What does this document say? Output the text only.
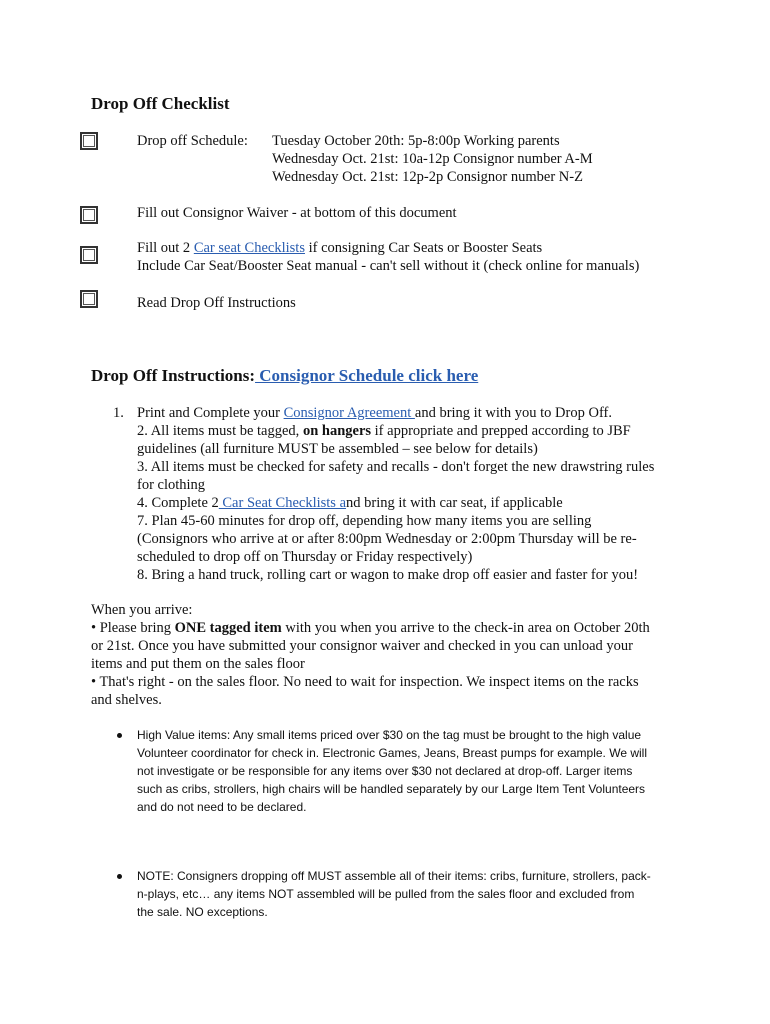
Drop Off Checklist
Drop off Schedule: Tuesday October 20th: 5p-8:00p Working parents
Wednesday Oct. 21st: 10a-12p Consignor number A-M
Wednesday Oct. 21st: 12p-2p Consignor number N-Z
Fill out Consignor Waiver - at bottom of this document
Fill out 2 Car seat Checklists if consigning Car Seats or Booster Seats
Include Car Seat/Booster Seat manual - can't sell without it (check online for manuals)
Read Drop Off Instructions
Drop Off Instructions: Consignor Schedule click here
1. Print and Complete your Consignor Agreement and bring it with you to Drop Off.
2. All items must be tagged, on hangers if appropriate and prepped according to JBF
guidelines (all furniture MUST be assembled – see below for details)
3. All items must be checked for safety and recalls - don't forget the new drawstring rules
for clothing
4. Complete 2 Car Seat Checklists and bring it with car seat, if applicable
7. Plan 45-60 minutes for drop off, depending how many items you are selling
(Consignors who arrive at or after 8:00pm Wednesday or 2:00pm Thursday will be re-
scheduled to drop off on Thursday or Friday respectively)
8. Bring a hand truck, rolling cart or wagon to make drop off easier and faster for you!
When you arrive:
• Please bring ONE tagged item with you when you arrive to the check-in area on October 20th
or 21st. Once you have submitted your consignor waiver and checked in you can unload your
items and put them on the sales floor
• That's right - on the sales floor. No need to wait for inspection. We inspect items on the racks
and shelves.
High Value items: Any small items priced over $30 on the tag must be brought to the high value
Volunteer coordinator for check in. Electronic Games, Jeans, Breast pumps for example. We will
not investigate or be responsible for any items over $30 not declared at drop-off. Larger items
such as cribs, strollers, high chairs will be handled separately by our Large Item Tent Volunteers
and do not need to be declared.
NOTE: Consigners dropping off MUST assemble all of their items: cribs, furniture, strollers, pack-
n-plays, etc… any items NOT assembled will be pulled from the sales floor and excluded from
the sale. NO exceptions.
